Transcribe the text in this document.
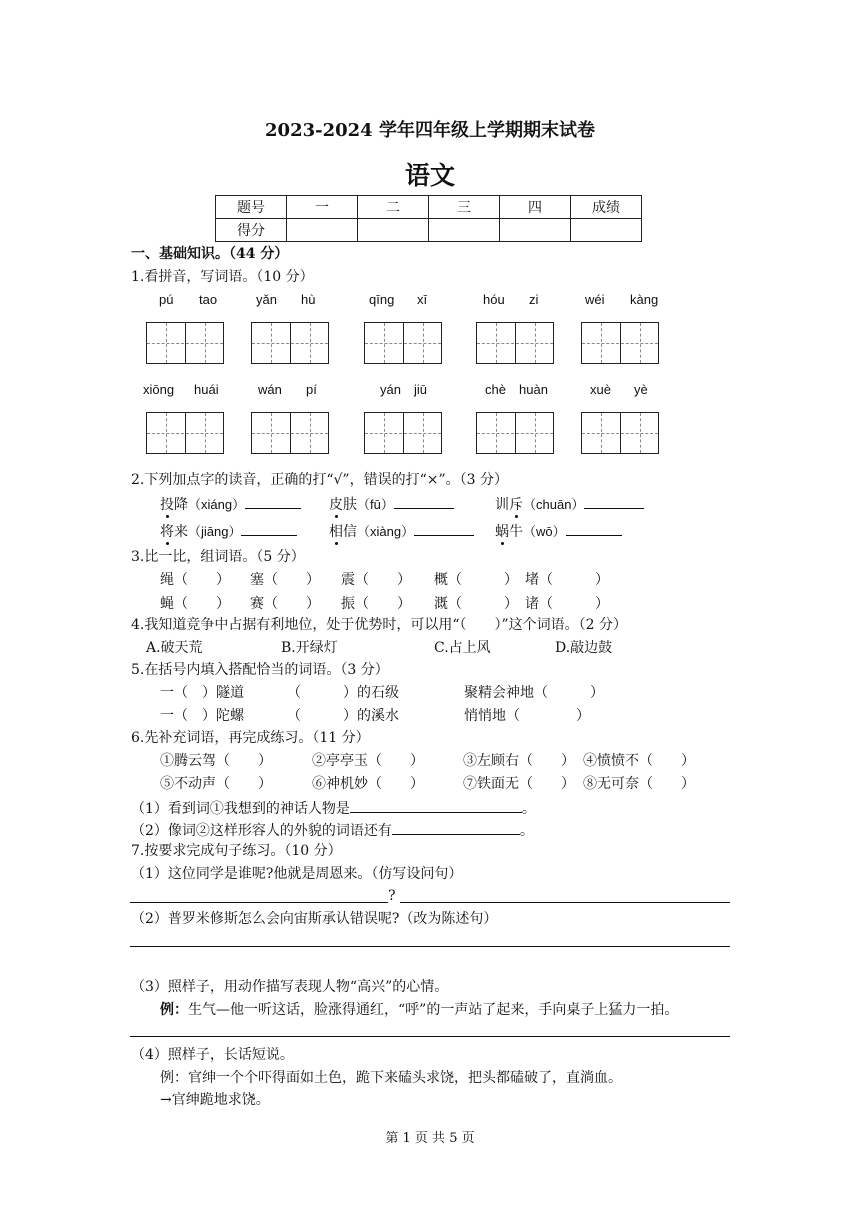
2023-2024 学年四年级上学期期末试卷
语文
题号	一	二	三	四	成绩
得分					
一、基础知识。（44 分）
1.看拼音，写词语。（10 分）
pú tao	yǎn hù	qīng xī	hóu zi	wéi kàng
xiōng huái	wán pí	yán jiū	chè huàn	xuè yè
2.下列加点字的读音，正确的打“√”，错误的打“×”。（3 分）
投降（xiáng）	皮肤（fū）	训斥（chuān）
将来（jiāng）	相信（xiàng）	蜗牛（wō）
3.比一比，组词语。（5 分）
绳（　　） 塞（　　） 震（　　） 概（　　　） 堵（　　　）
蝇（　　） 赛（　　） 振（　　） 溉（　　　） 诸（　　　）
4.我知道竞争中占据有利地位，处于优势时，可以用“（　　）”这个词语。（2 分）
A.破天荒	B.开绿灯	C.占上风	D.敲边鼓
5.在括号内填入搭配恰当的词语。（3 分）
一（　）隧道	（　　　）的石级	聚精会神地（　　　）
一（　）陀螺	（　　　）的溪水	悄悄地（　　　　）
6.先补充词语，再完成练习。（11 分）
①腾云驾（　　）	②亭亭玉（　　）	③左顾右（　　） ④愤愤不（　　）
⑤不动声（　　）	⑥神机妙（　　）	⑦铁面无（　　） ⑧无可奈（　　）
（1）看到词①我想到的神话人物是	。
（2）像词②这样形容人的外貌的词语还有	。
7.按要求完成句子练习。（10 分）
（1）这位同学是谁呢?他就是周恩来。（仿写设问句）
?
（2）普罗米修斯怎么会向宙斯承认错误呢?（改为陈述句）
（3）照样子，用动作描写表现人物“高兴”的心情。
例：生气—他一听这话，脸涨得通红，“呼”的一声站了起来，手向桌子上猛力一拍。
（4）照样子，长话短说。
例：官绅一个个吓得面如土色，跪下来磕头求饶，把头都磕破了，直淌血。
→官绅跪地求饶。
第 1 页 共 5 页
